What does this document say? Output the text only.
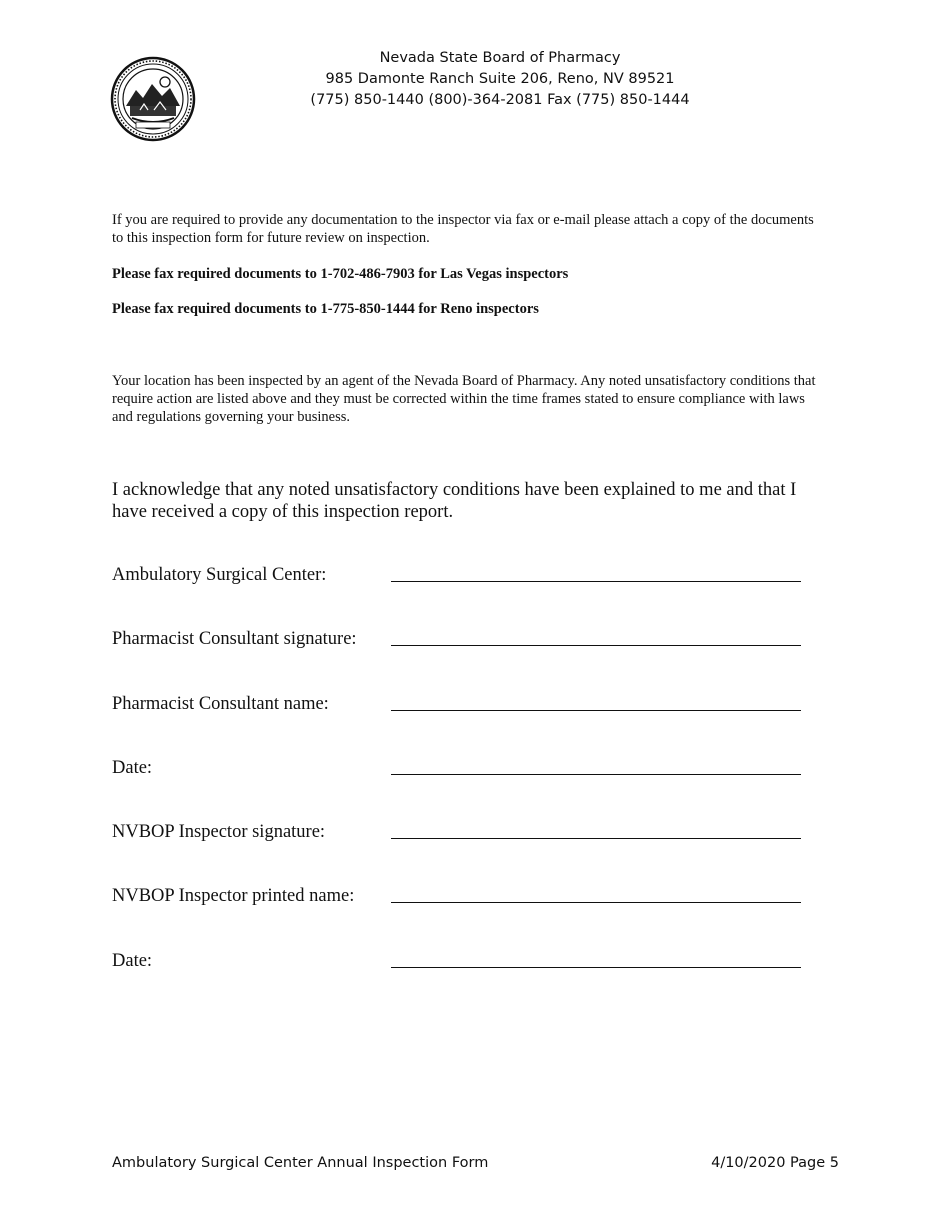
Nevada State Board of Pharmacy
985 Damonte Ranch Suite 206, Reno, NV 89521
(775) 850-1440 (800)-364-2081 Fax (775) 850-1444
If you are required to provide any documentation to the inspector via fax or e-mail please attach a copy of the documents to this inspection form for future review on inspection.
Please fax required documents to 1-702-486-7903 for Las Vegas inspectors
Please fax required documents to 1-775-850-1444 for Reno inspectors
Your location has been inspected by an agent of the Nevada Board of Pharmacy. Any noted unsatisfactory conditions that require action are listed above and they must be corrected within the time frames stated to ensure compliance with laws and regulations governing your business.
I acknowledge that any noted unsatisfactory conditions have been explained to me and that I have received a copy of this inspection report.
Ambulatory Surgical Center:
Pharmacist Consultant signature:
Pharmacist Consultant name:
Date:
NVBOP Inspector signature:
NVBOP Inspector printed name:
Date:
Ambulatory Surgical Center Annual Inspection Form	4/10/2020 Page 5
